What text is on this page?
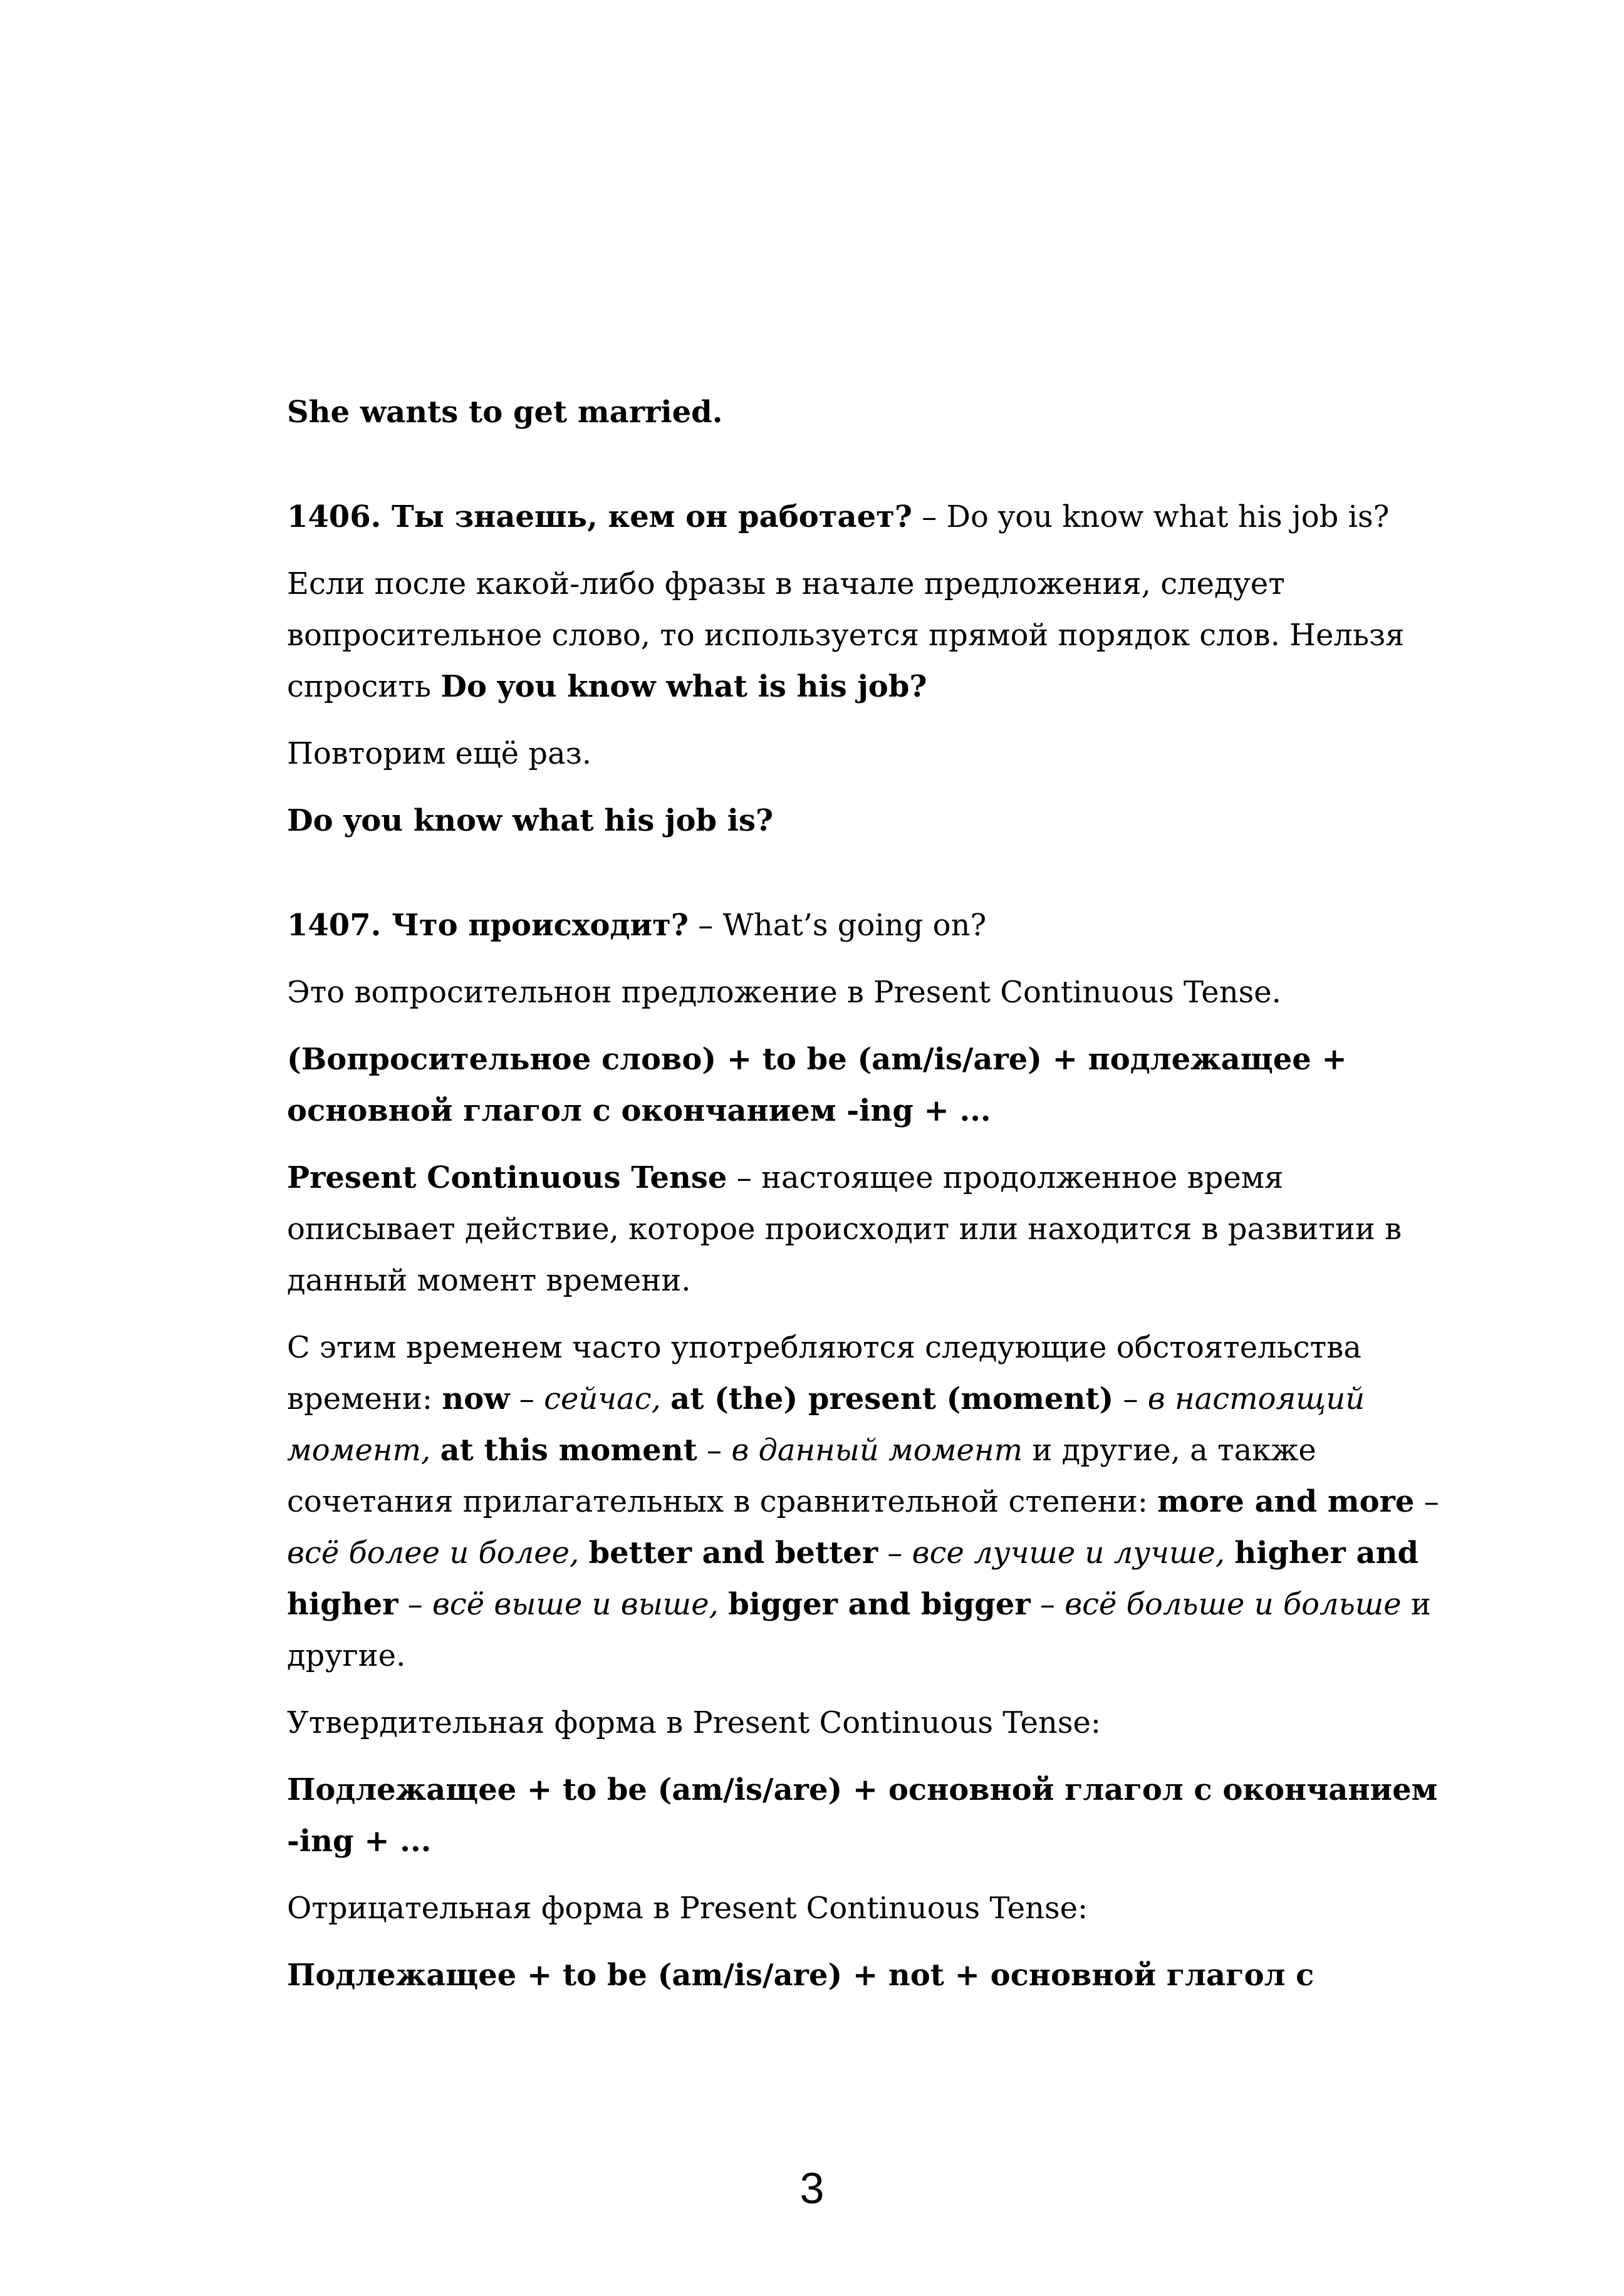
She wants to get married.

1406. Ты знаешь, кем он работает? – Do you know what his job is?

Если после какой-либо фразы в начале предложения, следует вопросительное слово, то используется прямой порядок слов. Нельзя спросить Do you know what is his job?

Повторим ещё раз.

Do you know what his job is?

1407. Что происходит? – What’s going on?

Это вопросительнон предложение в Present Continuous Tense.

(Вопросительное слово) + to be (am/is/are) + подлежащее + основной глагол с окончанием -ing + ...

Present Continuous Tense – настоящее продолженное время описывает действие, которое происходит или находится в развитии в данный момент времени.

С этим временем часто употребляются следующие обстоятельства времени: now – сейчас, at (the) present (moment) – в настоящий момент, at this moment – в данный момент и другие, а также сочетания прилагательных в сравнительной степени: more and more – всё более и более, better and better – все лучше и лучше, higher and higher – всё выше и выше, bigger and bigger – всё больше и больше и другие.

Утвердительная форма в Present Continuous Tense:

Подлежащее + to be (am/is/are) + основной глагол с окончанием -ing + ...

Отрицательная форма в Present Continuous Tense:

Подлежащее + to be (am/is/are) + not + основной глагол с

3
